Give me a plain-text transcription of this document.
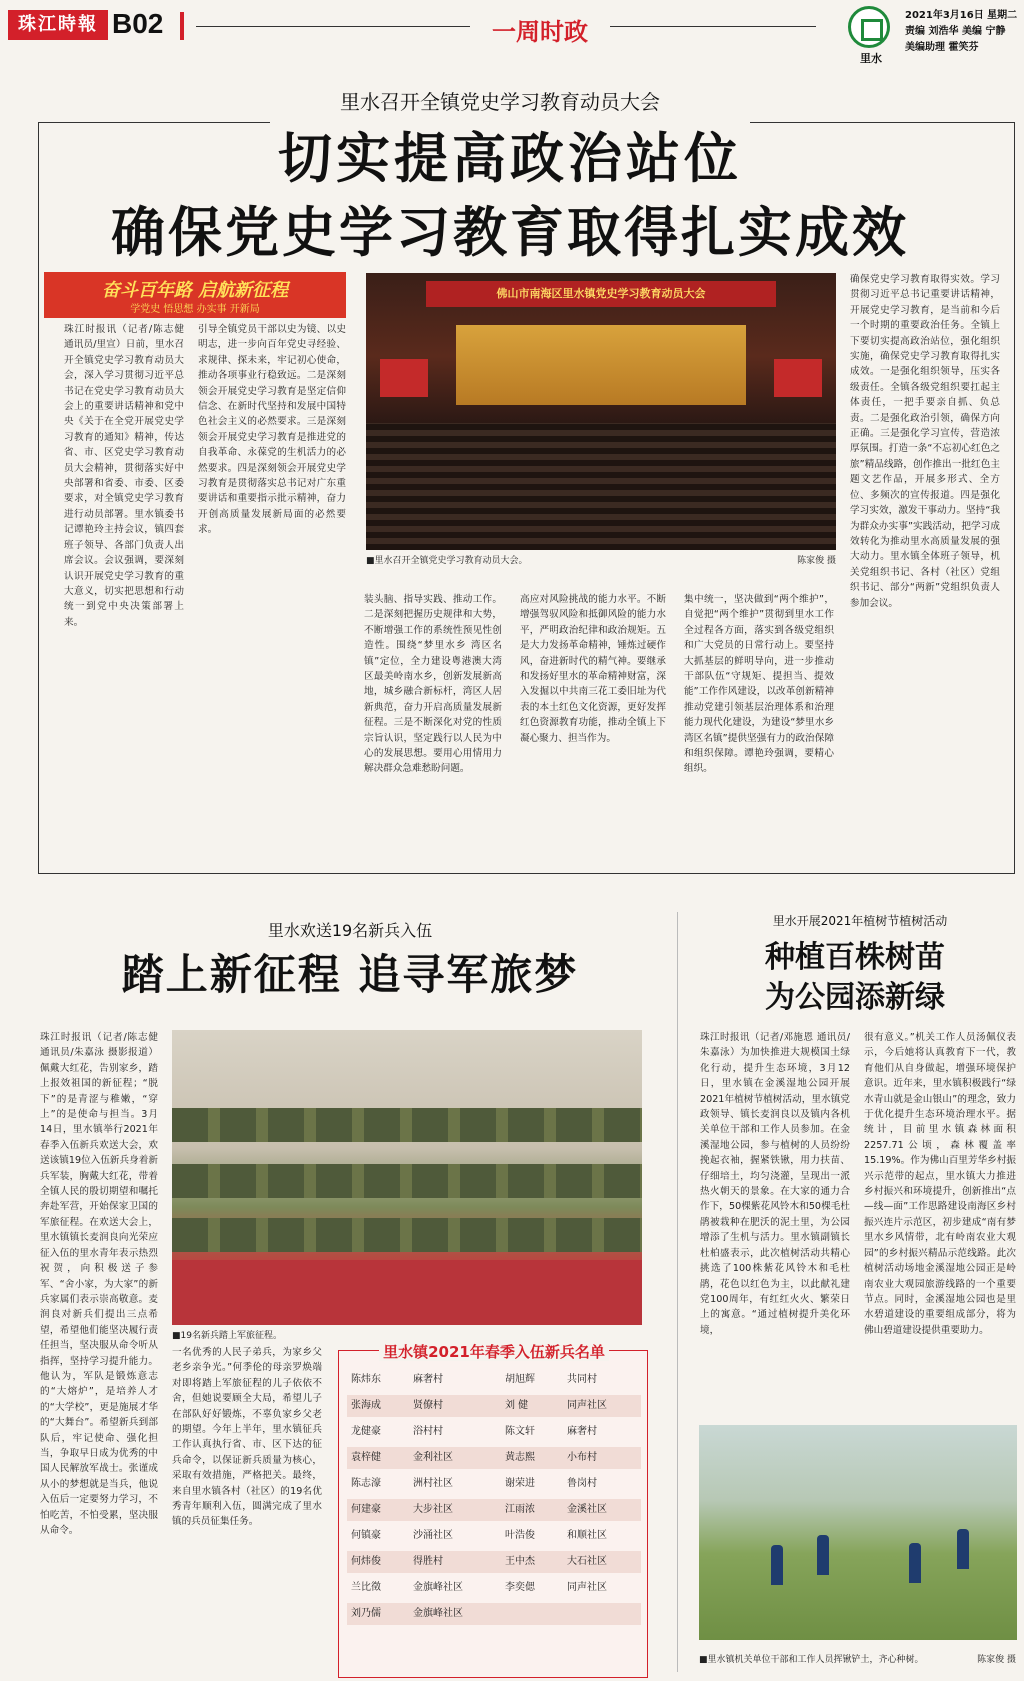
珠江時報 B02	一周时政
里水
2021年3月16日 星期二
责编 刘浩华 美编 宁静
美编助理 霍笑芬
里水召开全镇党史学习教育动员大会
切实提高政治站位
确保党史学习教育取得扎实成效
奋斗百年路 启航新征程
学党史 悟思想 办实事 开新局
佛山市南海区里水镇党史学习教育动员大会
■里水召开全镇党史学习教育动员大会。	陈家俊 摄
珠江时报讯（记者/陈志健 通讯员/里宣）日前，里水召开全镇党史学习教育动员大会，深入学习贯彻习近平总书记在党史学习教育动员大会上的重要讲话精神和党中央《关于在全党开展党史学习教育的通知》精神，传达省、市、区党史学习教育动员大会精神，贯彻落实好中央部署和省委、市委、区委要求，对全镇党史学习教育进行动员部署。里水镇委书记谭艳玲主持会议，镇四套班子领导、各部门负责人出席会议。会议强调，要深刻认识开展党史学习教育的重大意义，切实把思想和行动统一到党中央决策部署上来。
引导全镇党员干部以史为镜、以史明志，进一步向百年党史寻经验、求规律、探未来，牢记初心使命，推动各项事业行稳致远。二是深刻领会开展党史学习教育是坚定信仰信念、在新时代坚持和发展中国特色社会主义的必然要求。三是深刻领会开展党史学习教育是推进党的自我革命、永葆党的生机活力的必然要求。四是深刻领会开展党史学习教育是贯彻落实总书记对广东重要讲话和重要指示批示精神，奋力开创高质量发展新局面的必然要求。
装头脑、指导实践、推动工作。二是深刻把握历史规律和大势，不断增强工作的系统性预见性创造性。围绕“梦里水乡 湾区名镇”定位，全力建设粤港澳大湾区最美岭南水乡，创新发展新高地，城乡融合新标杆，湾区人居新典范，奋力开启高质量发展新征程。三是不断深化对党的性质宗旨认识，坚定践行以人民为中心的发展思想。要用心用情用力解决群众急难愁盼问题。
高应对风险挑战的能力水平。不断增强驾驭风险和抵御风险的能力水平，严明政治纪律和政治规矩。五是大力发扬革命精神，锤炼过硬作风，奋进新时代的精气神。要继承和发扬好里水的革命精神财富，深入发掘以中共南三花工委旧址为代表的本土红色文化资源，更好发挥红色资源教育功能，推动全镇上下凝心聚力、担当作为。
集中统一，坚决做到“两个维护”，自觉把“两个维护”贯彻到里水工作全过程各方面，落实到各级党组织和广大党员的日常行动上。要坚持大抓基层的鲜明导向，进一步推动干部队伍“守规矩、提担当、提效能”工作作风建设，以改革创新精神推动党建引领基层治理体系和治理能力现代化建设，为建设“梦里水乡 湾区名镇”提供坚强有力的政治保障和组织保障。谭艳玲强调，要精心组织。
确保党史学习教育取得实效。学习贯彻习近平总书记重要讲话精神，开展党史学习教育，是当前和今后一个时期的重要政治任务。全镇上下要切实提高政治站位，强化组织实施，确保党史学习教育取得扎实成效。一是强化组织领导，压实各级责任。全镇各级党组织要扛起主体责任，一把手要亲自抓、负总责。二是强化政治引领，确保方向正确。三是强化学习宣传，营造浓厚氛围。打造一条“不忘初心红色之旅”精品线路，创作推出一批红色主题文艺作品，开展多形式、全方位、多频次的宣传报道。四是强化学习实效，激发干事动力。坚持“我为群众办实事”实践活动，把学习成效转化为推动里水高质量发展的强大动力。里水镇全体班子领导，机关党组织书记、各村（社区）党组织书记、部分“两新”党组织负责人参加会议。
里水欢送19名新兵入伍
踏上新征程 追寻军旅梦
珠江时报讯（记者/陈志健 通讯员/朱嘉泳 摄影报道）佩戴大红花，告别家乡，踏上报效祖国的新征程；“脱下”的是青涩与稚嫩，“穿上”的是使命与担当。3月14日，里水镇举行2021年春季入伍新兵欢送大会，欢送该镇19位入伍新兵身着新兵军装，胸戴大红花，带着全镇人民的殷切期望和嘱托奔赴军营，开始保家卫国的军旅征程。在欢送大会上，里水镇镇长麦润良向光荣应征入伍的里水青年表示热烈祝贺，向积极送子参军、“舍小家，为大家”的新兵家属们表示崇高敬意。麦润良对新兵们提出三点希望，希望他们能坚决履行责任担当，坚决服从命令听从指挥，坚持学习提升能力。他认为，军队是锻炼意志的“大熔炉”，是培养人才的“大学校”，更是施展才华的“大舞台”。希望新兵到部队后，牢记使命、强化担当，争取早日成为优秀的中国人民解放军战士。张谨成从小的梦想就是当兵，他说入伍后一定要努力学习，不怕吃苦，不怕受累，坚决服从命令。
■19名新兵踏上军旅征程。
一名优秀的人民子弟兵，为家乡父老乡亲争光。”何季伦的母亲罗焕端对即将踏上军旅征程的儿子依依不舍，但她说要顾全大局，希望儿子在部队好好锻炼，不辜负家乡父老的期望。今年上半年，里水镇征兵工作认真执行省、市、区下达的征兵命令，以保证新兵质量为核心，采取有效措施，严格把关。最终，来自里水镇各村（社区）的19名优秀青年顺利入伍，圆满完成了里水镇的兵员征集任务。
里水镇2021年春季入伍新兵名单
陈炜东	麻奢村	胡旭辉	共同村
张海成	贤僚村	刘 健	同声社区
龙健豪	浴村村	陈文轩	麻奢村
袁梓健	金利社区	黄志熙	小布村
陈志濠	洲村社区	谢荣进	鲁岗村
何建豪	大步社区	江雨浓	金溪社区
何镇豪	沙涌社区	叶浩俊	和顺社区
何炜俊	得胜村	王中杰	大石社区
兰比徵	金旗峰社区	李奕偲	同声社区
刘乃儒	金旗峰社区
里水开展2021年植树节植树活动
种植百株树苗
为公园添新绿
珠江时报讯（记者/邓施恩 通讯员/朱嘉泳）为加快推进大规模国土绿化行动，提升生态环境，3月12日，里水镇在金溪湿地公园开展2021年植树节植树活动，里水镇党政领导、镇长麦润良以及镇内各机关单位干部和工作人员参加。在金溪湿地公园，参与植树的人员纷纷挽起衣袖，握紧铁锹，用力扶苗、仔细培土，均匀浇灌，呈现出一派热火朝天的景象。在大家的通力合作下，50棵紫花风铃木和50棵毛杜鹃被栽种在肥沃的泥土里，为公园增添了生机与活力。里水镇副镇长杜柏盛表示，此次植树活动共精心挑选了100株紫花风铃木和毛杜鹃，花色以红色为主，以此献礼建党100周年，有红红火火、繁荣日上的寓意。“通过植树提升美化环境，
很有意义。”机关工作人员汤佩仪表示，今后她将认真教育下一代，教育他们从自身做起，增强环境保护意识。近年来，里水镇积极践行“绿水青山就是金山银山”的理念，致力于优化提升生态环境治理水平。据统计，目前里水镇森林面积2257.71公顷，森林覆盖率15.19%。作为佛山百里芳华乡村振兴示范带的起点，里水镇大力推进乡村振兴和环境提升，创新推出“点—线—面”工作思路建设南海区乡村振兴连片示范区，初步建成“南有梦里水乡风情带，北有岭南农业大观园”的乡村振兴精品示范线路。此次植树活动场地金溪湿地公园正是岭南农业大观园旅游线路的一个重要节点。同时，金溪湿地公园也是里水碧道建设的重要组成部分，将为佛山碧道建设提供重要助力。
■里水镇机关单位干部和工作人员挥锹铲土，齐心种树。	陈家俊 摄
